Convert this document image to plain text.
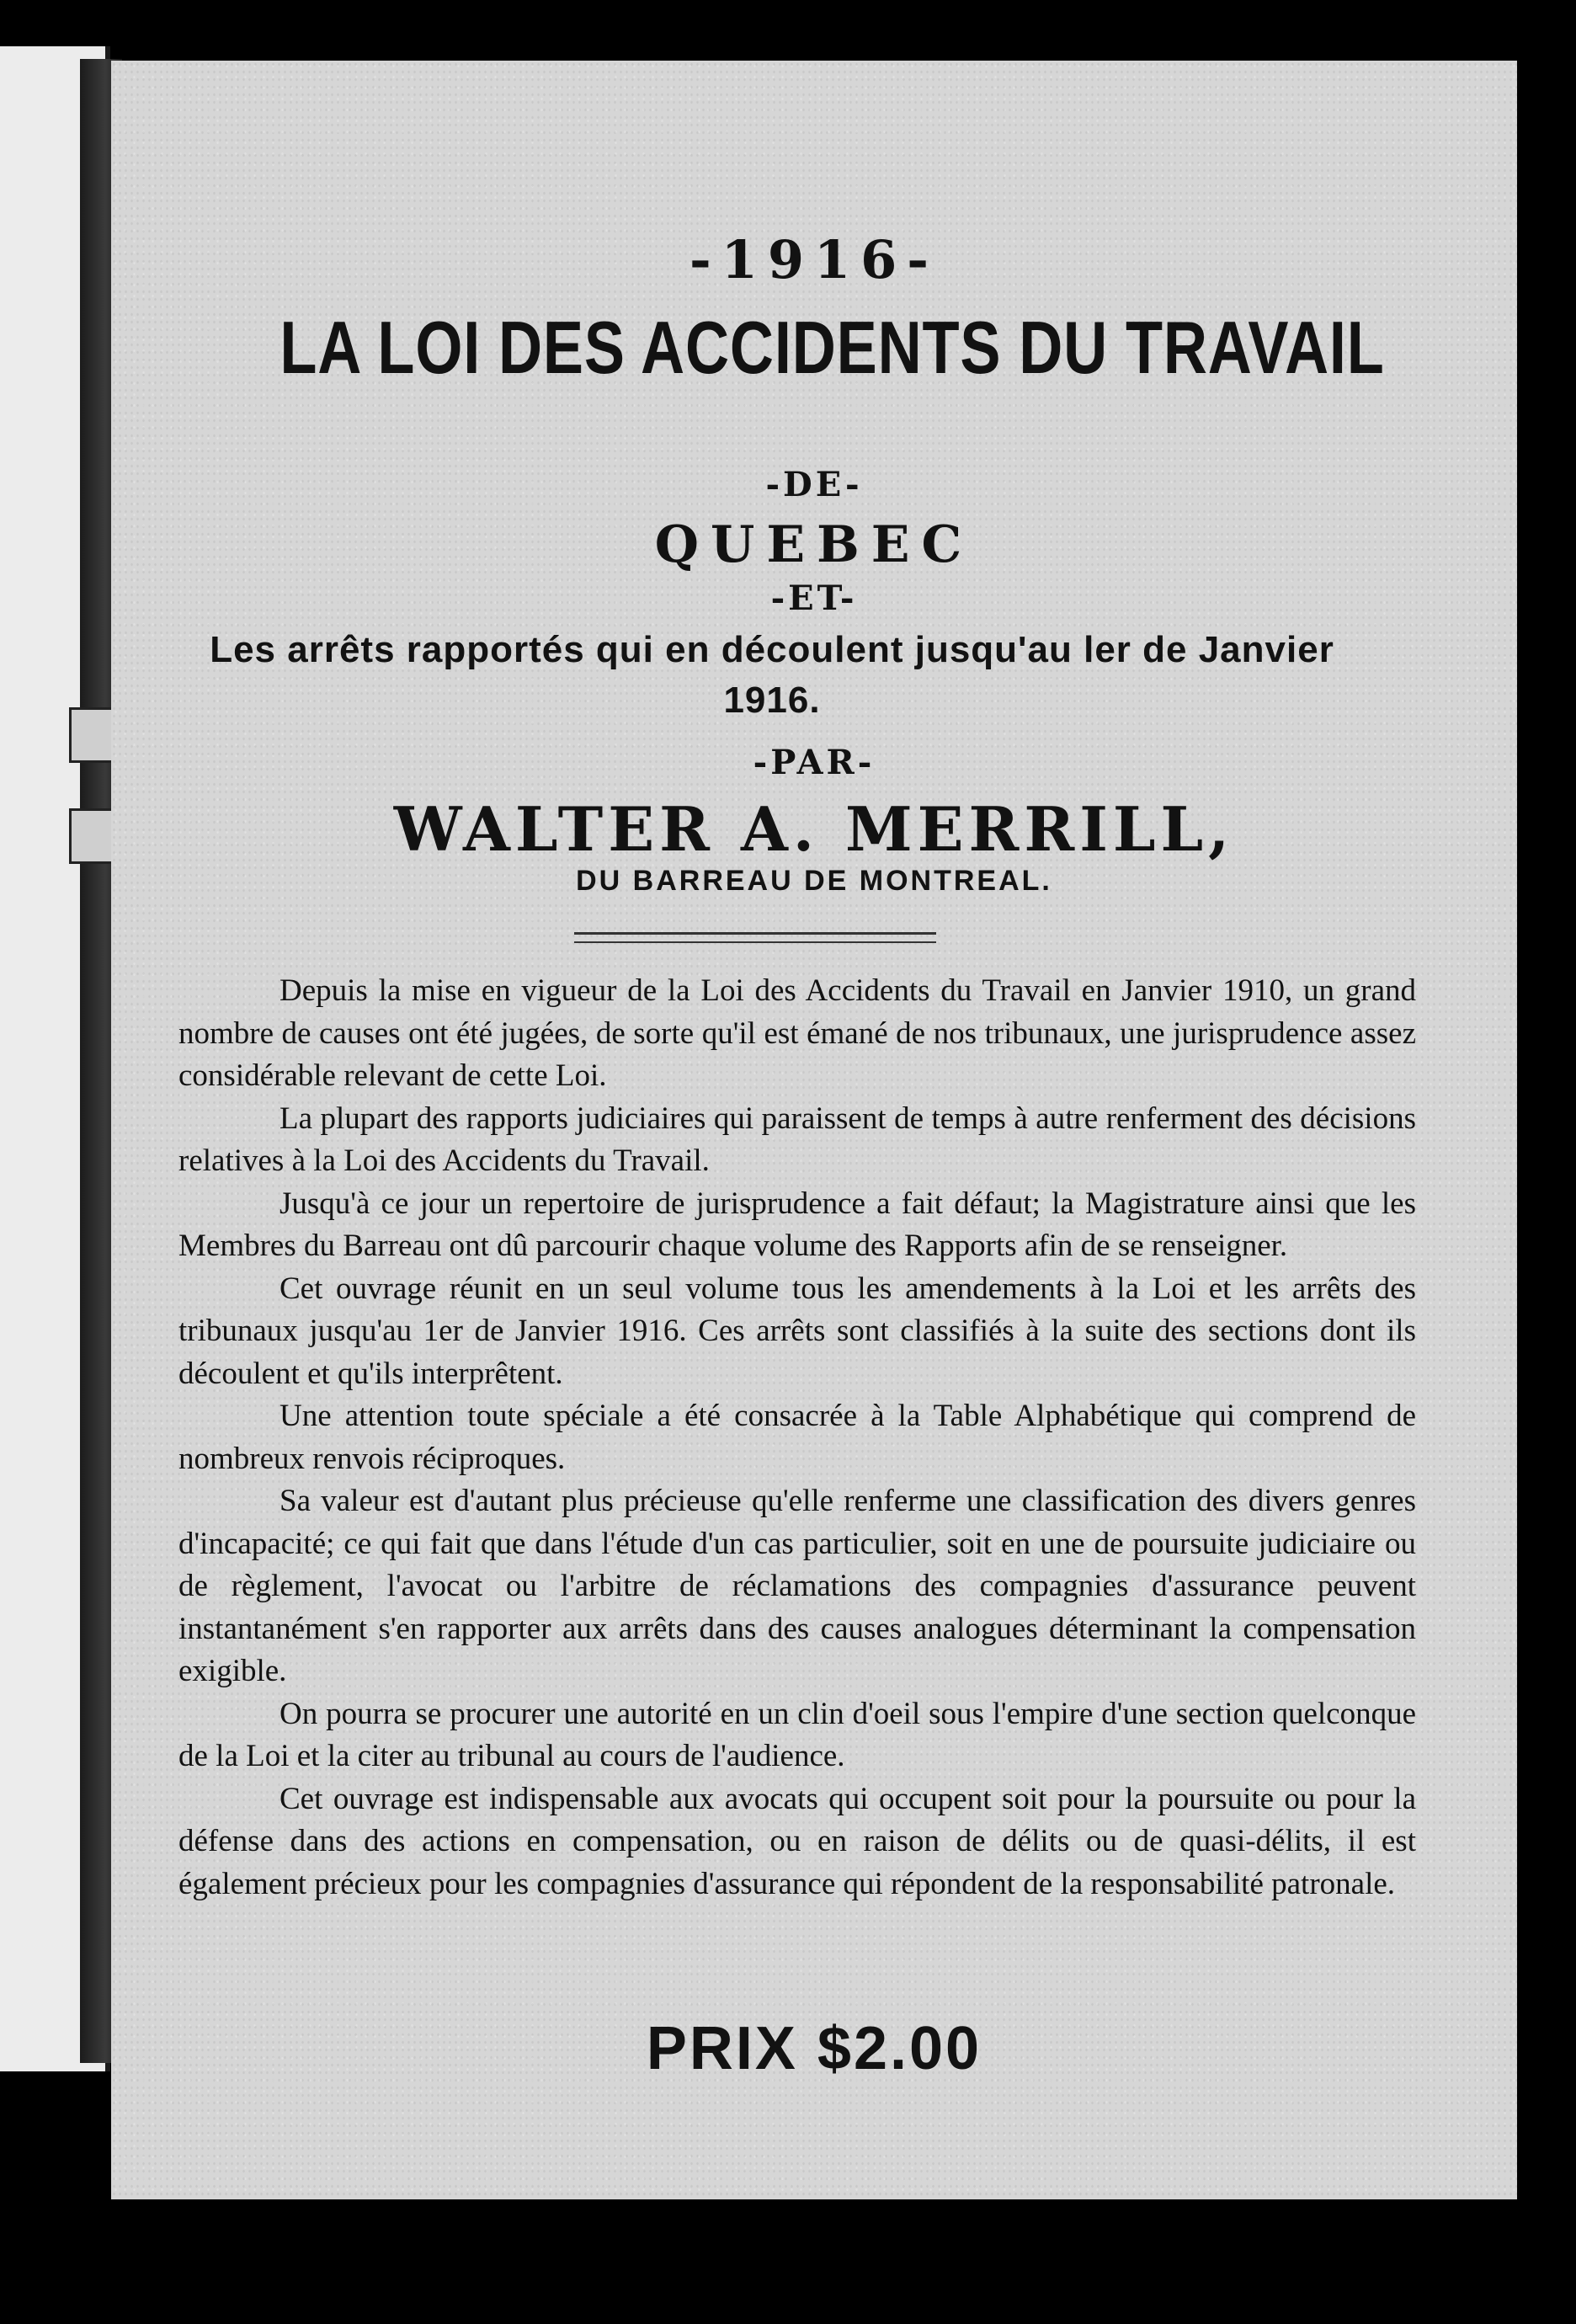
-1916-
LA LOI DES ACCIDENTS DU TRAVAIL
-DE-
QUEBEC
-ET-
Les arrêts rapportés qui en découlent jusqu'au ler de Janvier 1916.
-PAR-
WALTER A. MERRILL,
DU BARREAU DE MONTREAL.

Depuis la mise en vigueur de la Loi des Accidents du Travail en Janvier 1910, un grand nombre de causes ont été jugées, de sorte qu'il est émané de nos tribunaux, une jurisprudence assez considérable relevant de cette Loi.

La plupart des rapports judiciaires qui paraissent de temps à autre renferment des décisions relatives à la Loi des Accidents du Travail.

Jusqu'à ce jour un repertoire de jurisprudence a fait défaut; la Magistrature ainsi que les Membres du Barreau ont dû parcourir chaque volume des Rapports afin de se renseigner.

Cet ouvrage réunit en un seul volume tous les amendements à la Loi et les arrêts des tribunaux jusqu'au 1er de Janvier 1916. Ces arrêts sont classifiés à la suite des sections dont ils découlent et qu'ils interprêtent.

Une attention toute spéciale a été consacrée à la Table Alphabétique qui comprend de nombreux renvois réciproques.

Sa valeur est d'autant plus précieuse qu'elle renferme une classification des divers genres d'incapacité; ce qui fait que dans l'étude d'un cas particulier, soit en une de poursuite judiciaire ou de règlement, l'avocat ou l'arbitre de réclamations des compagnies d'assurance peuvent instantanément s'en rapporter aux arrêts dans des causes analogues déterminant la compensation exigible.

On pourra se procurer une autorité en un clin d'oeil sous l'empire d'une section quelconque de la Loi et la citer au tribunal au cours de l'audience.

Cet ouvrage est indispensable aux avocats qui occupent soit pour la poursuite ou pour la défense dans des actions en compensation, ou en raison de délits ou de quasi-délits, il est également précieux pour les compagnies d'assurance qui répondent de la responsabilité patronale.

PRIX $2.00
